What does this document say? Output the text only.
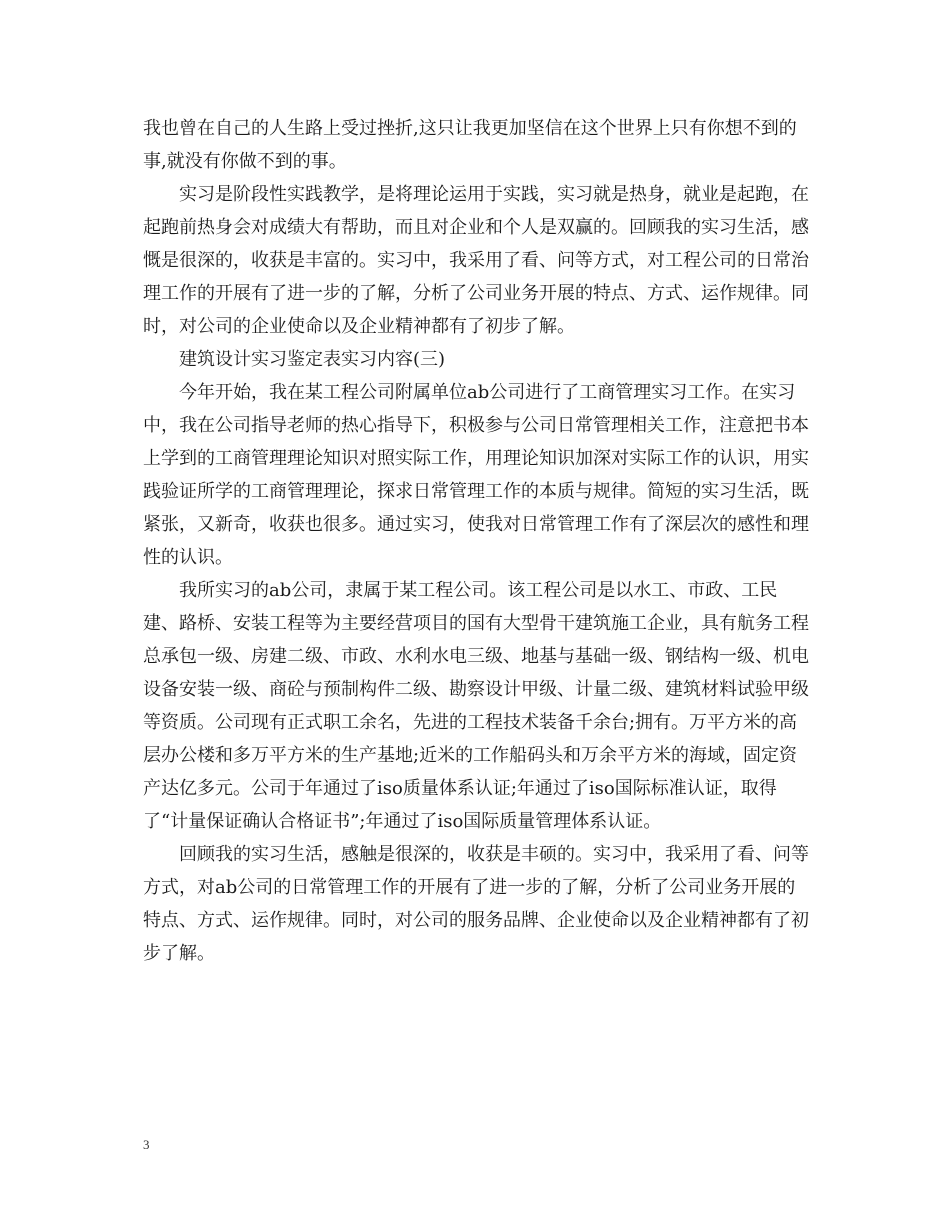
我也曾在自己的人生路上受过挫折,这只让我更加坚信在这个世界上只有你想不到的事,就没有你做不到的事。

实习是阶段性实践教学，是将理论运用于实践，实习就是热身，就业是起跑，在起跑前热身会对成绩大有帮助，而且对企业和个人是双赢的。回顾我的实习生活，感慨是很深的，收获是丰富的。实习中，我采用了看、问等方式，对工程公司的日常治理工作的开展有了进一步的了解，分析了公司业务开展的特点、方式、运作规律。同时，对公司的企业使命以及企业精神都有了初步了解。

建筑设计实习鉴定表实习内容(三)

今年开始，我在某工程公司附属单位ab公司进行了工商管理实习工作。在实习中，我在公司指导老师的热心指导下，积极参与公司日常管理相关工作，注意把书本上学到的工商管理理论知识对照实际工作，用理论知识加深对实际工作的认识，用实践验证所学的工商管理理论，探求日常管理工作的本质与规律。简短的实习生活，既紧张，又新奇，收获也很多。通过实习，使我对日常管理工作有了深层次的感性和理性的认识。

我所实习的ab公司，隶属于某工程公司。该工程公司是以水工、市政、工民建、路桥、安装工程等为主要经营项目的国有大型骨干建筑施工企业，具有航务工程总承包一级、房建二级、市政、水利水电三级、地基与基础一级、钢结构一级、机电设备安装一级、商砼与预制构件二级、勘察设计甲级、计量二级、建筑材料试验甲级等资质。公司现有正式职工余名，先进的工程技术装备千余台;拥有。万平方米的高层办公楼和多万平方米的生产基地;近米的工作船码头和万余平方米的海域，固定资产达亿多元。公司于年通过了iso质量体系认证;年通过了iso国际标准认证，取得了“计量保证确认合格证书”;年通过了iso国际质量管理体系认证。

回顾我的实习生活，感触是很深的，收获是丰硕的。实习中，我采用了看、问等方式，对ab公司的日常管理工作的开展有了进一步的了解，分析了公司业务开展的特点、方式、运作规律。同时，对公司的服务品牌、企业使命以及企业精神都有了初步了解。

3
